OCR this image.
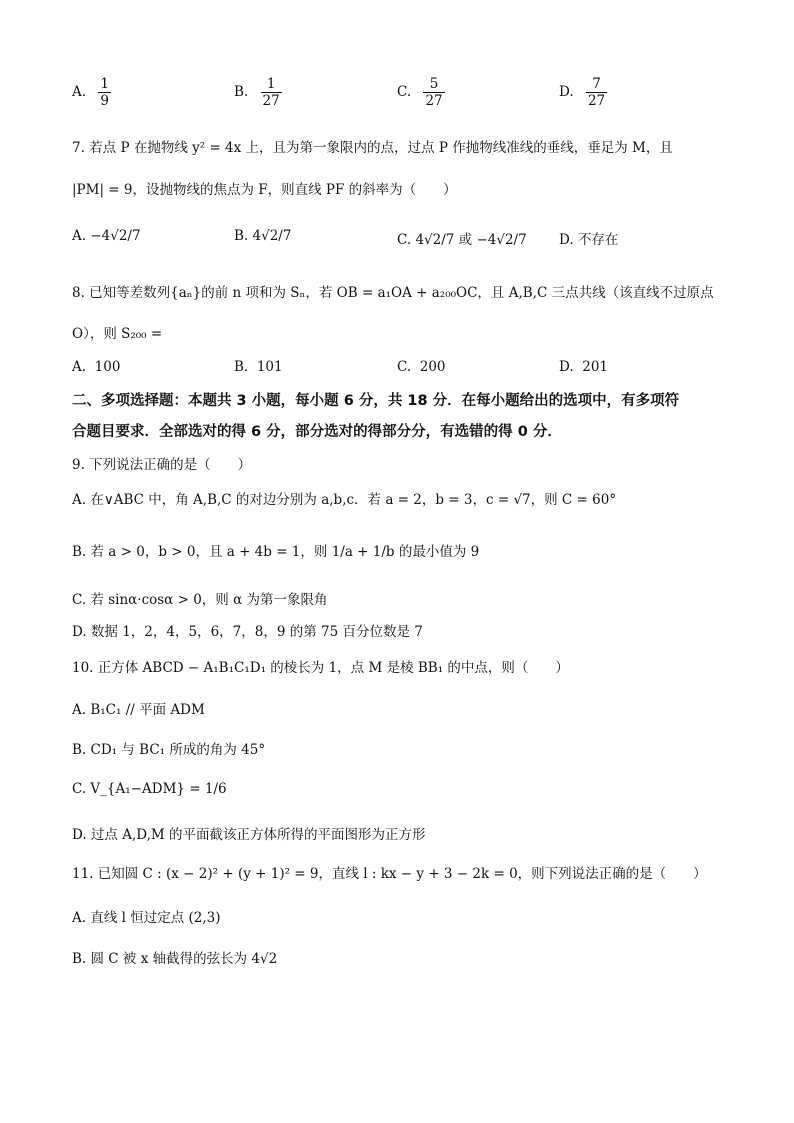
A. $\frac{1}{9}$	B. $\frac{1}{27}$	C. $\frac{5}{27}$	D. $\frac{7}{27}$
7. 若点 P 在抛物线 y² = 4x 上，且为第一象限内的点，过点 P 作抛物线准线的垂线，垂足为 M，且
|PM| = 9，设抛物线的焦点为 F，则直线 PF 的斜率为（　　）
A. −4√2/7	B. 4√2/7	C. 4√2/7 或 −4√2/7 D. 不存在
8. 已知等差数列{aₙ}的前 n 项和为 Sₙ，若 OB = a₁OA + a₂₀₀OC，且 A,B,C 三点共线（该直线不过原点
O），则 S₂₀₀ =
A. 100	B. 101	C. 200	D. 201
二、多项选择题：本题共 3 小题，每小题 6 分，共 18 分．在每小题给出的选项中，有多项符
合题目要求．全部选对的得 6 分，部分选对的得部分分，有选错的得 0 分．
9. 下列说法正确的是（　　）
A. 在∨ABC 中，角 A,B,C 的对边分别为 a,b,c．若 a = 2，b = 3，c = √7，则 C = 60°
B. 若 a > 0，b > 0，且 a + 4b = 1，则 1/a + 1/b 的最小值为 9
C. 若 sinα·cosα > 0，则 α 为第一象限角
D. 数据 1，2，4，5，6，7，8，9 的第 75 百分位数是 7
10. 正方体 ABCD − A₁B₁C₁D₁ 的棱长为 1，点 M 是棱 BB₁ 的中点，则（　　）
A. B₁C₁ // 平面 ADM
B. CD₁ 与 BC₁ 所成的角为 45°
C. V_{A₁−ADM} = 1/6
D. 过点 A,D,M 的平面截该正方体所得的平面图形为正方形
11. 已知圆 C : (x − 2)² + (y + 1)² = 9，直线 l : kx − y + 3 − 2k = 0，则下列说法正确的是（　　）
A. 直线 l 恒过定点 (2,3)
B. 圆 C 被 x 轴截得的弦长为 4√2
